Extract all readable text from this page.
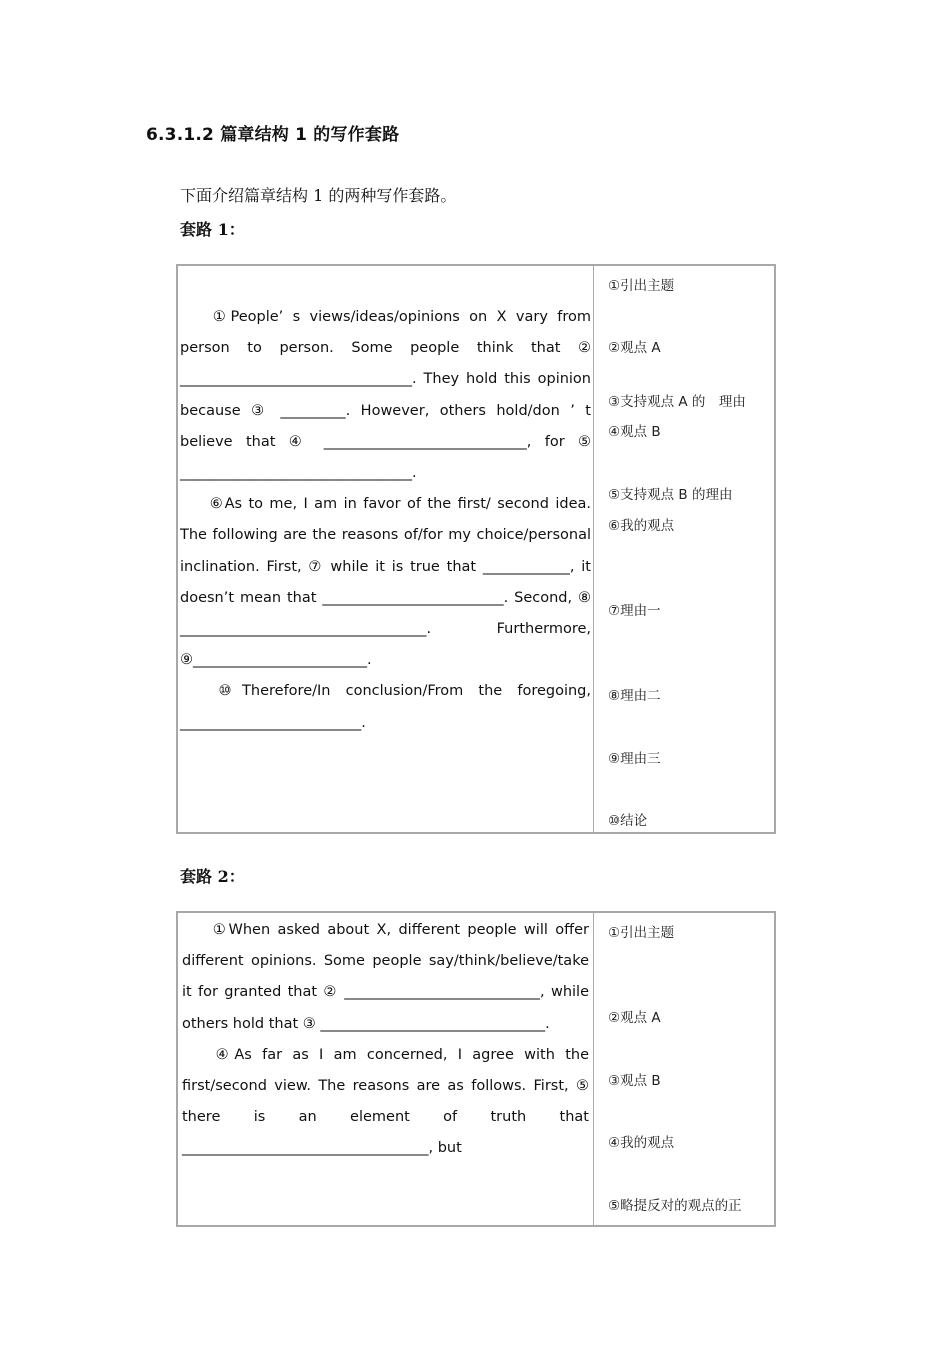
6.3.1.2 篇章结构 1 的写作套路
下面介绍篇章结构 1 的两种写作套路。
套路 1：

①People’ s views/ideas/opinions on X vary from person to person. Some people think that ② ________________________________. They hold this opinion because ③ _________. However, others hold/don ’ t believe that ④ ____________________________, for ⑤ ________________________________.

⑥As to me, I am in favor of the first/ second idea. The following are the reasons of/for my choice/personal inclination. First, ⑦ while it is true that ____________, it doesn’t mean that _________________________. Second, ⑧ __________________________________. Furthermore, ⑨________________________.

⑩Therefore/In conclusion/From the foregoing, _________________________.

①引出主题
②观点 A
③支持观点 A 的　理由
④观点 B
⑤支持观点 B 的理由
⑥我的观点
⑦理由一
⑧理由二
⑨理由三
⑩结论
套路 2：

①When asked about X, different people will offer different opinions. Some people say/think/believe/take it for granted that ② ___________________________, while others hold that ③ _______________________________.

④As far as I am concerned, I agree with the first/second view. The reasons are as follows. First, ⑤ there is an element of truth that __________________________________, but

①引出主题
②观点 A
③观点 B
④我的观点
⑤略提反对的观点的正
